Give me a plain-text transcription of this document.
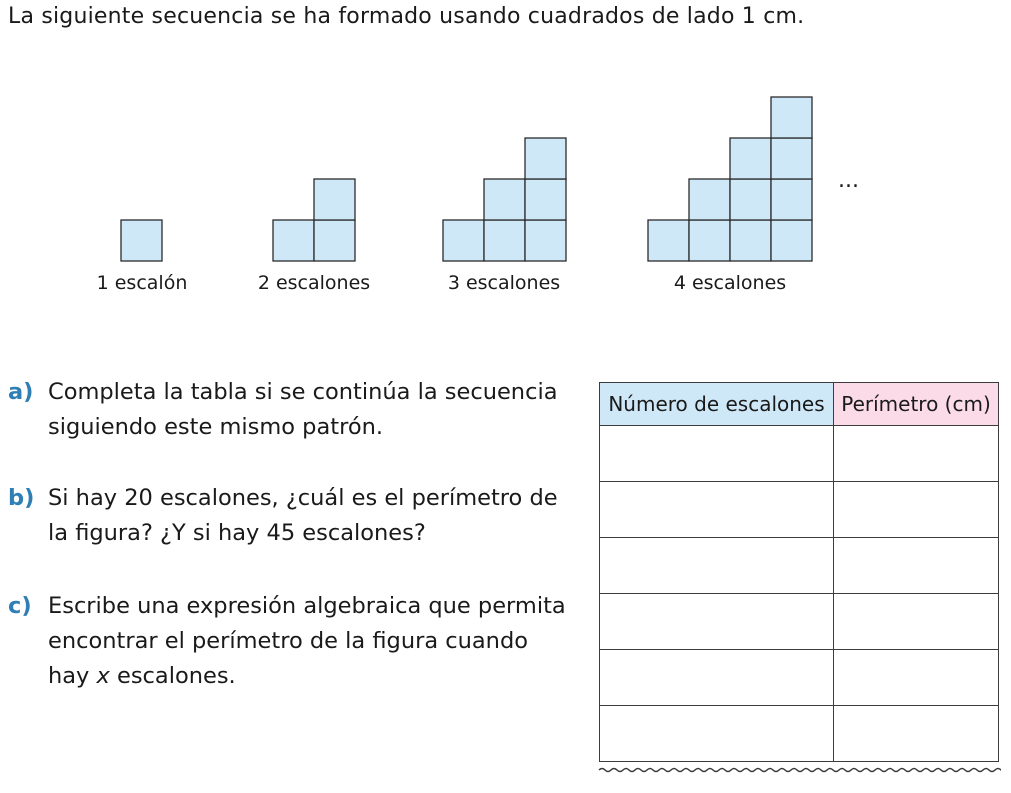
La siguiente secuencia se ha formado usando cuadrados de lado 1 cm.
1 escalón	2 escalones	3 escalones	4 escalones
...
a) Completa la tabla si se continúa la secuencia siguiendo este mismo patrón.
b) Si hay 20 escalones, ¿cuál es el perímetro de la figura? ¿Y si hay 45 escalones?
c) Escribe una expresión algebraica que permita encontrar el perímetro de la figura cuando hay x escalones.
Número de escalones	Perímetro (cm)
